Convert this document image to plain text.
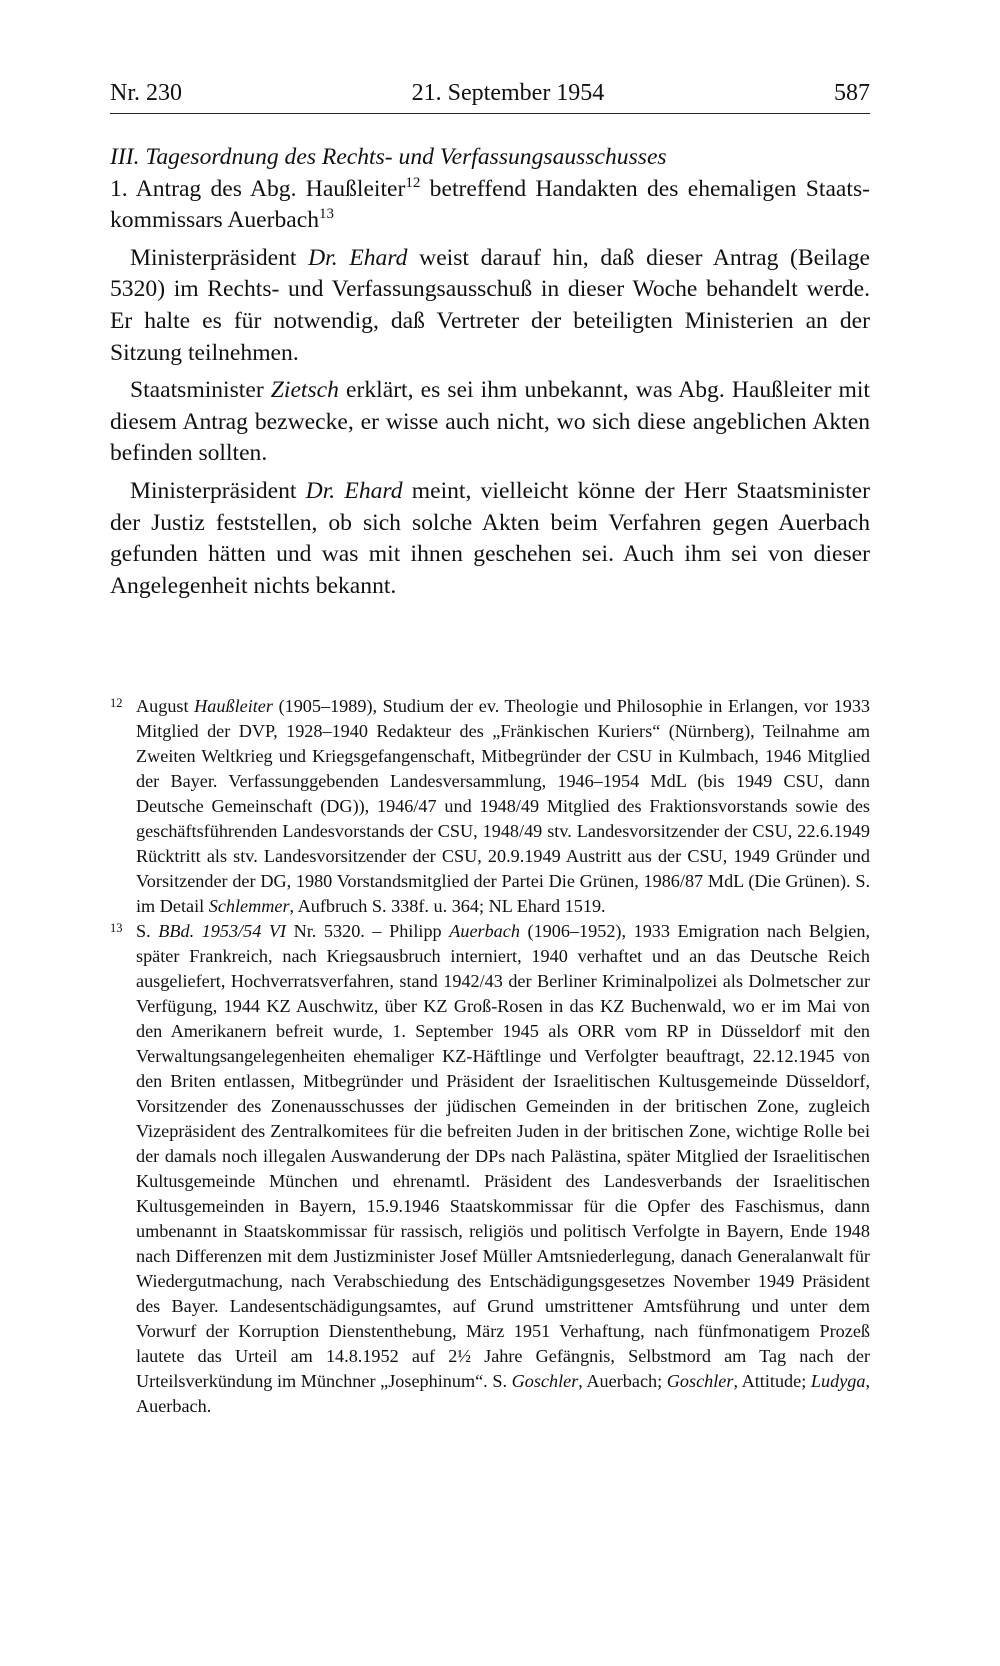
Nr. 230	21. September 1954	587

III. Tagesordnung des Rechts- und Verfassungsausschusses

1. Antrag des Abg. Haußleiter$^{12}$ betreffend Handakten des ehemaligen Staatskommissars Auerbach$^{13}$

Ministerpräsident Dr. Ehard weist darauf hin, daß dieser Antrag (Beilage 5320) im Rechts- und Verfassungsausschuß in dieser Woche behandelt werde. Er halte es für notwendig, daß Vertreter der beteiligten Ministerien an der Sitzung teilnehmen.

Staatsminister Zietsch erklärt, es sei ihm unbekannt, was Abg. Haußleiter mit diesem Antrag bezwecke, er wisse auch nicht, wo sich diese angeblichen Akten befinden sollten.

Ministerpräsident Dr. Ehard meint, vielleicht könne der Herr Staatsminister der Justiz feststellen, ob sich solche Akten beim Verfahren gegen Auerbach gefunden hätten und was mit ihnen geschehen sei. Auch ihm sei von dieser Angelegenheit nichts bekannt.

12 August Haußleiter (1905–1989), Studium der ev. Theologie und Philosophie in Erlangen, vor 1933 Mitglied der DVP, 1928–1940 Redakteur des „Fränkischen Kuriers“ (Nürnberg), Teilnahme am Zweiten Weltkrieg und Kriegsgefangenschaft, Mitbegründer der CSU in Kulmbach, 1946 Mitglied der Bayer. Verfassunggebenden Landesversammlung, 1946–1954 MdL (bis 1949 CSU, dann Deutsche Gemeinschaft (DG)), 1946/47 und 1948/49 Mitglied des Fraktionsvorstands sowie des geschäftsführenden Landesvorstands der CSU, 1948/49 stv. Landesvorsitzender der CSU, 22.6.1949 Rücktritt als stv. Landesvorsitzender der CSU, 20.9.1949 Austritt aus der CSU, 1949 Gründer und Vorsitzender der DG, 1980 Vorstandsmitglied der Partei Die Grünen, 1986/87 MdL (Die Grünen). S. im Detail Schlemmer, Aufbruch S. 338f. u. 364; NL Ehard 1519.
13 S. BBd. 1953/54 VI Nr. 5320. – Philipp Auerbach (1906–1952), 1933 Emigration nach Belgien, später Frankreich, nach Kriegsausbruch interniert, 1940 verhaftet und an das Deutsche Reich ausgeliefert, Hochverratsverfahren, stand 1942/43 der Berliner Kriminalpolizei als Dolmetscher zur Verfügung, 1944 KZ Auschwitz, über KZ Groß-Rosen in das KZ Buchenwald, wo er im Mai von den Amerikanern befreit wurde, 1. September 1945 als ORR vom RP in Düsseldorf mit den Verwaltungsangelegenheiten ehemaliger KZ-Häftlinge und Verfolgter beauftragt, 22.12.1945 von den Briten entlassen, Mitbegründer und Präsident der Israelitischen Kultusgemeinde Düsseldorf, Vorsitzender des Zonenausschusses der jüdischen Gemeinden in der britischen Zone, zugleich Vizepräsident des Zentralkomitees für die befreiten Juden in der britischen Zone, wichtige Rolle bei der damals noch illegalen Auswanderung der DPs nach Palästina, später Mitglied der Israelitischen Kultusgemeinde München und ehrenamtl. Präsident des Landesverbands der Israelitischen Kultusgemeinden in Bayern, 15.9.1946 Staatskommissar für die Opfer des Faschismus, dann umbenannt in Staatskommissar für rassisch, religiös und politisch Verfolgte in Bayern, Ende 1948 nach Differenzen mit dem Justizminister Josef Müller Amtsniederlegung, danach Generalanwalt für Wiedergutmachung, nach Verabschiedung des Entschädigungsgesetzes November 1949 Präsident des Bayer. Landesentschädigungsamtes, auf Grund umstrittener Amtsführung und unter dem Vorwurf der Korruption Dienstenthebung, März 1951 Verhaftung, nach fünfmonatigem Prozeß lautete das Urteil am 14.8.1952 auf 2½ Jahre Gefängnis, Selbstmord am Tag nach der Urteilsverkündung im Münchner „Josephinum“. S. Goschler, Auerbach; Goschler, Attitude; Ludyga, Auerbach.
